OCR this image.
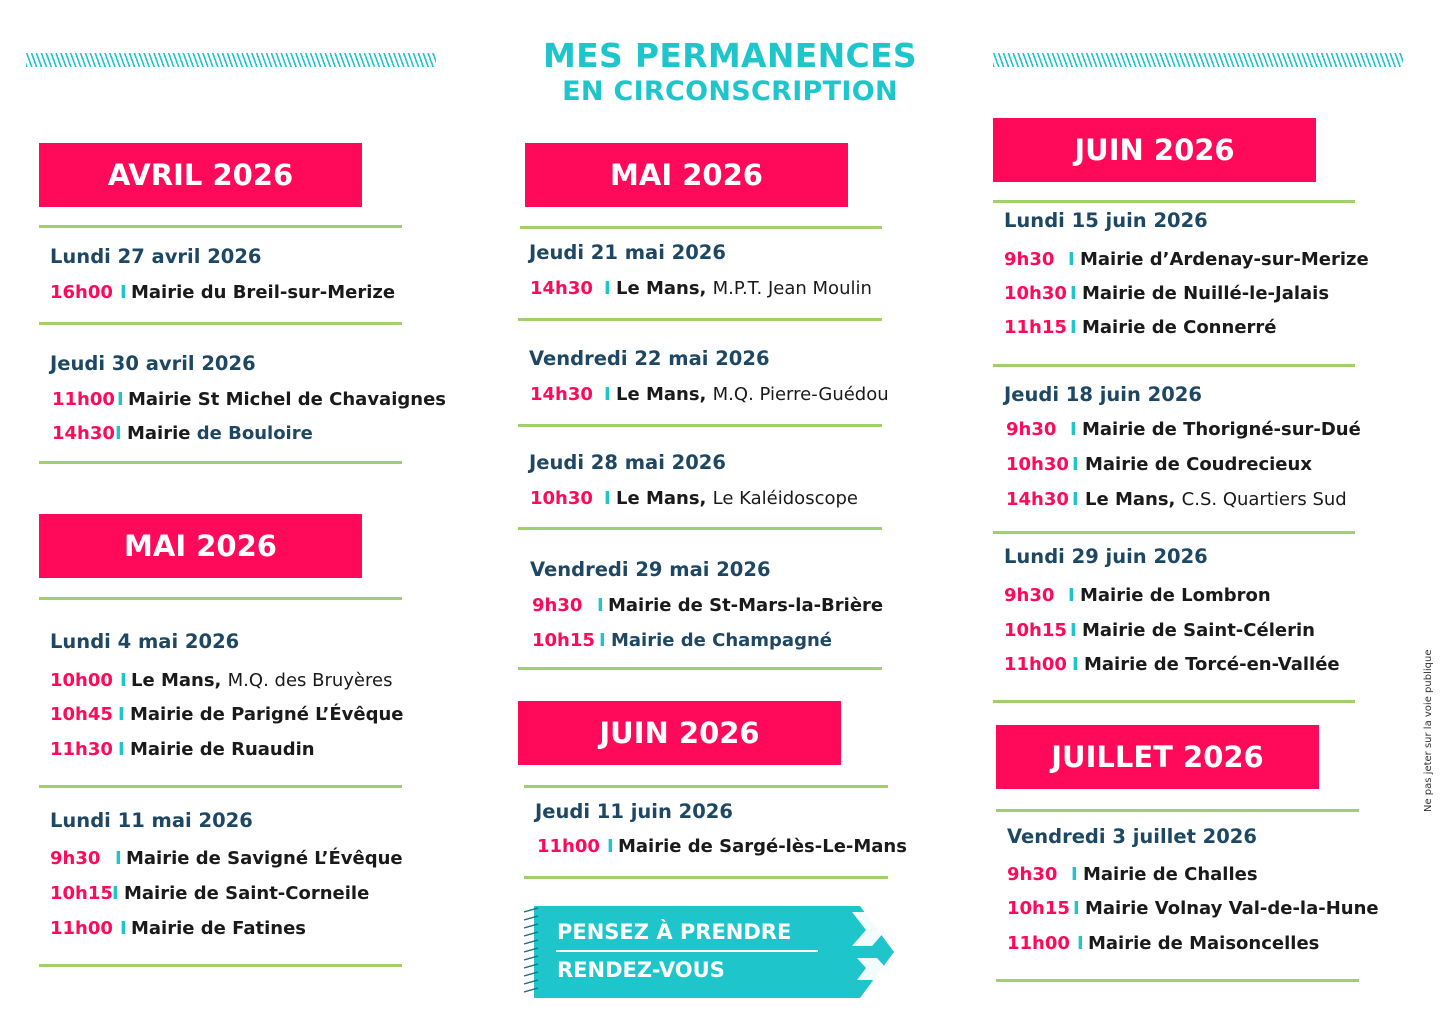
MES PERMANENCES
EN CIRCONSCRIPTION
AVRIL 2026
Lundi 27 avril 2026
16h00 I Mairie du Breil-sur-Merize
Jeudi 30 avril 2026
11h00 I Mairie St Michel de Chavaignes
14h30 I Mairie de Bouloire
MAI 2026
Lundi 4 mai 2026
10h00 I Le Mans, M.Q. des Bruyères
10h45 I Mairie de Parigné L’Évêque
11h30 I Mairie de Ruaudin
Lundi 11 mai 2026
9h30 I Mairie de Savigné L’Évêque
10h15 I Mairie de Saint-Corneile
11h00 I Mairie de Fatines
MAI 2026
Jeudi 21 mai 2026
14h30 I Le Mans, M.P.T. Jean Moulin
Vendredi 22 mai 2026
14h30 I Le Mans, M.Q. Pierre-Guédou
Jeudi 28 mai 2026
10h30 I Le Mans, Le Kaléidoscope
Vendredi 29 mai 2026
9h30 I Mairie de St-Mars-la-Brière
10h15 I Mairie de Champagné
JUIN 2026
Jeudi 11 juin 2026
11h00 I Mairie de Sargé-lès-Le-Mans
PENSEZ À PRENDRE
RENDEZ-VOUS
JUIN 2026
Lundi 15 juin 2026
9h30 I Mairie d’Ardenay-sur-Merize
10h30 I Mairie de Nuillé-le-Jalais
11h15 I Mairie de Connerré
Jeudi 18 juin 2026
9h30 I Mairie de Thorigné-sur-Dué
10h30 I Mairie de Coudrecieux
14h30 I Le Mans, C.S. Quartiers Sud
Lundi 29 juin 2026
9h30 I Mairie de Lombron
10h15 I Mairie de Saint-Célerin
11h00 I Mairie de Torcé-en-Vallée
JUILLET 2026
Vendredi 3 juillet 2026
9h30 I Mairie de Challes
10h15 I Mairie Volnay Val-de-la-Hune
11h00 I Mairie de Maisoncelles
Ne pas jeter sur la voie publique
